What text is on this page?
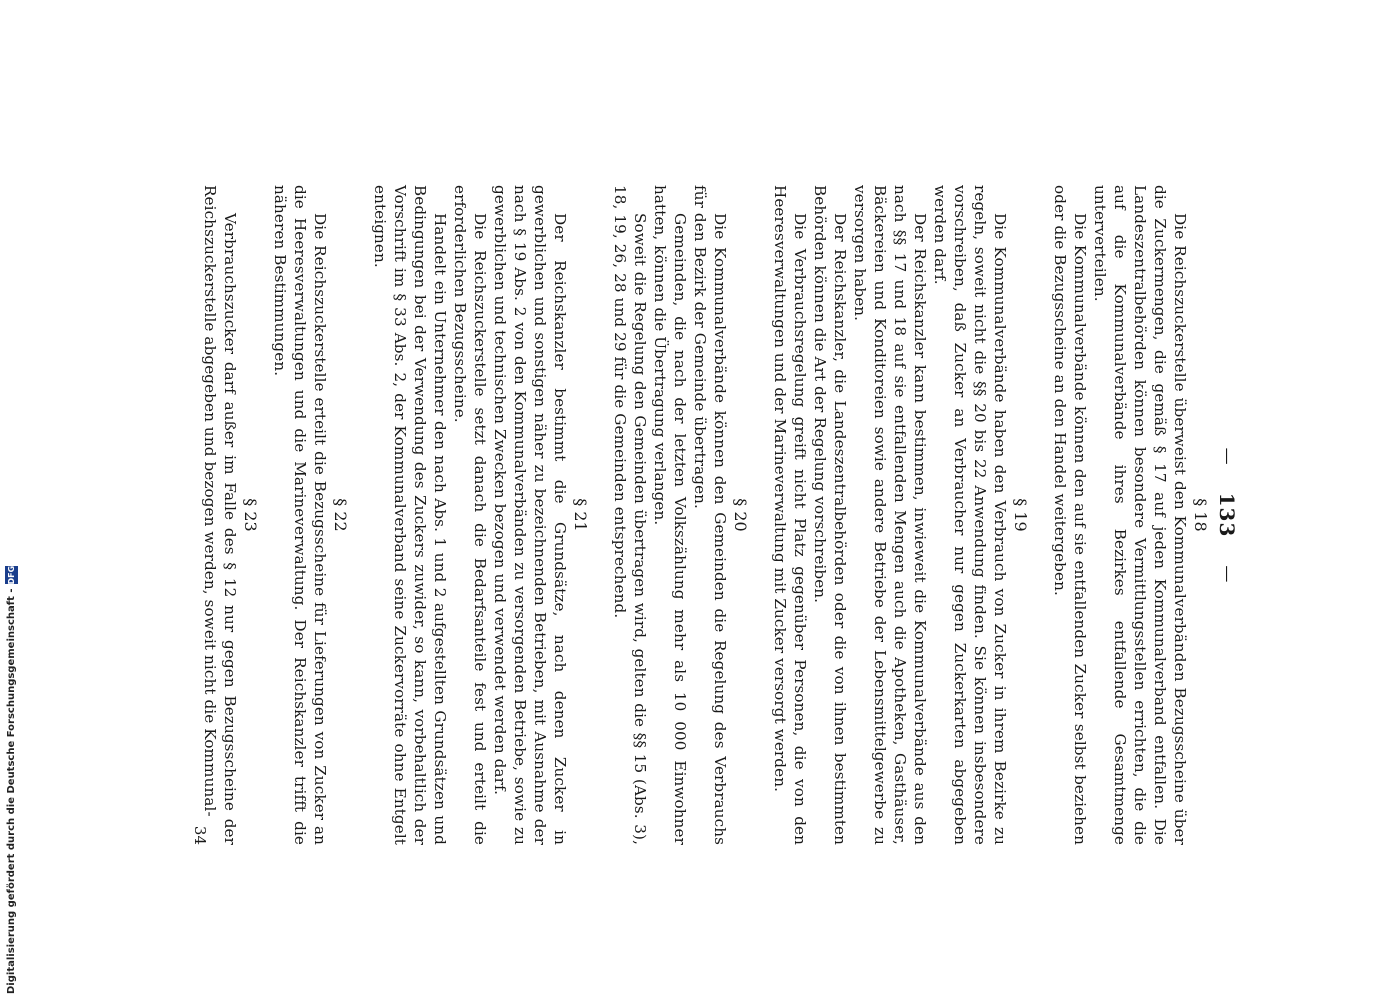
Digitalisierung gefördert durch die Deutsche Forschungsgemeinschaft -
DFG
—
133
—
§ 18

Die Reichszuckerstelle überweist den Kommunalverbänden Bezugsscheine über die Zuckermengen, die gemäß § 17 auf jeden Kommunalverband entfallen. Die Landeszentralbehörden können besondere Vermittlungsstellen errichten, die die auf die Kommunalverbände ihres Bezirkes entfallende Gesamtmenge unterverteilen.

Die Kommunalverbände können den auf sie entfallenden Zucker selbst beziehen oder die Bezugsscheine an den Handel weitergeben.

§ 19

Die Kommunalverbände haben den Verbrauch von Zucker in ihrem Bezirke zu regeln, soweit nicht die §§ 20 bis 22 Anwendung finden. Sie können insbesondere vorschreiben, daß Zucker an Verbraucher nur gegen Zuckerkarten abgegeben werden darf.

Der Reichskanzler kann bestimmen, inwieweit die Kommunalverbände aus den nach §§ 17 und 18 auf sie entfallenden Mengen auch die Apotheken, Gasthäuser, Bäckereien und Konditoreien sowie andere Betriebe der Lebensmittelgewerbe zu versorgen haben.

Der Reichskanzler, die Landeszentralbehörden oder die von ihnen bestimmten Behörden können die Art der Regelung vorschreiben.

Die Verbrauchsregelung greift nicht Platz gegenüber Personen, die von den Heeresverwaltungen und der Marineverwaltung mit Zucker versorgt werden.

§ 20

Die Kommunalverbände können den Gemeinden die Regelung des Verbrauchs für den Bezirk der Gemeinde übertragen.

Gemeinden, die nach der letzten Volkszählung mehr als 10 000 Einwohner hatten, können die Übertragung verlangen.

Soweit die Regelung den Gemeinden übertragen wird, gelten die §§ 15 (Abs. 3), 18, 19, 26, 28 und 29 für die Gemeinden entsprechend.

§ 21

Der Reichskanzler bestimmt die Grundsätze, nach denen Zucker in gewerblichen und sonstigen näher zu bezeichnenden Betrieben, mit Ausnahme der nach § 19 Abs. 2 von den Kommunalverbänden zu versorgenden Betriebe, sowie zu gewerblichen und technischen Zwecken bezogen und verwendet werden darf.

Die Reichszuckerstelle setzt danach die Bedarfsanteile fest und erteilt die erforderlichen Bezugsscheine.

Handelt ein Unternehmer den nach Abs. 1 und 2 aufgestellten Grundsätzen und Bedingungen bei der Verwendung des Zuckers zuwider, so kann, vorbehaltlich der Vorschrift im § 33 Abs. 2, der Kommunalverband seine Zuckervorräte ohne Entgelt enteignen.

§ 22

Die Reichszuckerstelle erteilt die Bezugsscheine für Lieferungen von Zucker an die Heeresverwaltungen und die Marineverwaltung. Der Reichskanzler trifft die näheren Bestimmungen.

§ 23

Verbrauchszucker darf außer im Falle des § 12 nur gegen Bezugsscheine der Reichszuckerstelle abgegeben und bezogen werden, soweit nicht die Kommunal-

34
